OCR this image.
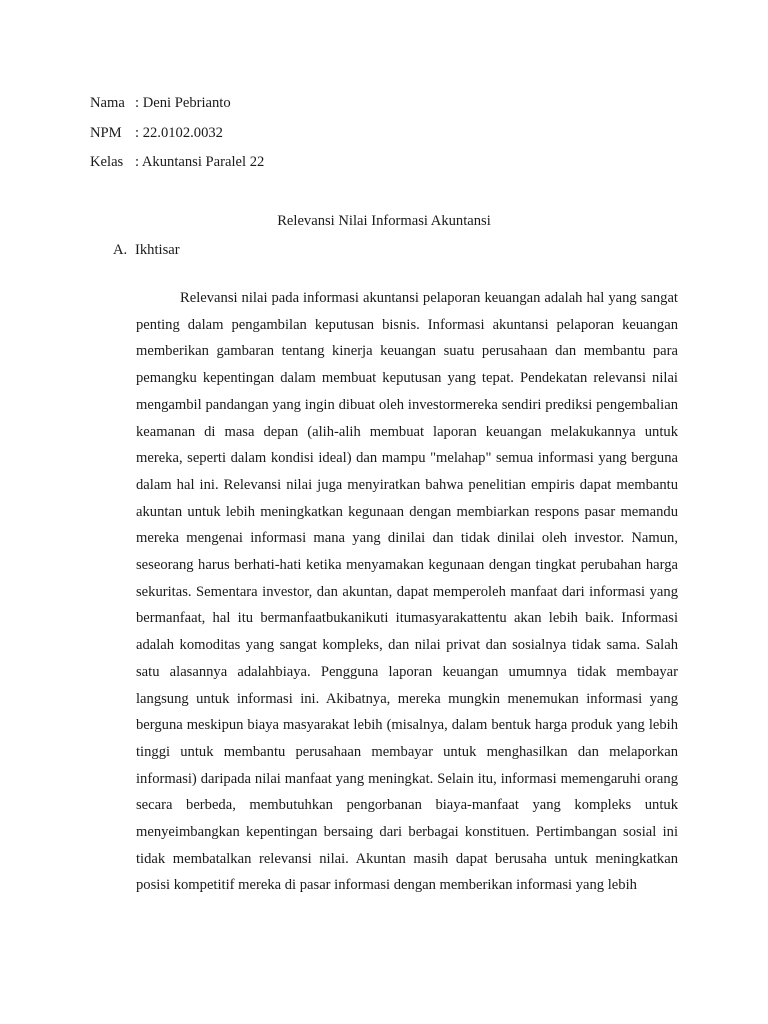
Nama : Deni Pebrianto
NPM : 22.0102.0032
Kelas : Akuntansi Paralel 22
Relevansi Nilai Informasi Akuntansi
A. Ikhtisar

Relevansi nilai pada informasi akuntansi pelaporan keuangan adalah hal yang sangat penting dalam pengambilan keputusan bisnis. Informasi akuntansi pelaporan keuangan memberikan gambaran tentang kinerja keuangan suatu perusahaan dan membantu para pemangku kepentingan dalam membuat keputusan yang tepat. Pendekatan relevansi nilai mengambil pandangan yang ingin dibuat oleh investormereka sendiri prediksi pengembalian keamanan di masa depan (alih-alih membuat laporan keuangan melakukannya untuk mereka, seperti dalam kondisi ideal) dan mampu "melahap" semua informasi yang berguna dalam hal ini. Relevansi nilai juga menyiratkan bahwa penelitian empiris dapat membantu akuntan untuk lebih meningkatkan kegunaan dengan membiarkan respons pasar memandu mereka mengenai informasi mana yang dinilai dan tidak dinilai oleh investor. Namun, seseorang harus berhati-hati ketika menyamakan kegunaan dengan tingkat perubahan harga sekuritas. Sementara investor, dan akuntan, dapat memperoleh manfaat dari informasi yang bermanfaat, hal itu bermanfaatbukanikuti itumasyarakattentu akan lebih baik. Informasi adalah komoditas yang sangat kompleks, dan nilai privat dan sosialnya tidak sama. Salah satu alasannya adalahbiaya. Pengguna laporan keuangan umumnya tidak membayar langsung untuk informasi ini. Akibatnya, mereka mungkin menemukan informasi yang berguna meskipun biaya masyarakat lebih (misalnya, dalam bentuk harga produk yang lebih tinggi untuk membantu perusahaan membayar untuk menghasilkan dan melaporkan informasi) daripada nilai manfaat yang meningkat. Selain itu, informasi memengaruhi orang secara berbeda, membutuhkan pengorbanan biaya-manfaat yang kompleks untuk menyeimbangkan kepentingan bersaing dari berbagai konstituen. Pertimbangan sosial ini tidak membatalkan relevansi nilai. Akuntan masih dapat berusaha untuk meningkatkan posisi kompetitif mereka di pasar informasi dengan memberikan informasi yang lebih
